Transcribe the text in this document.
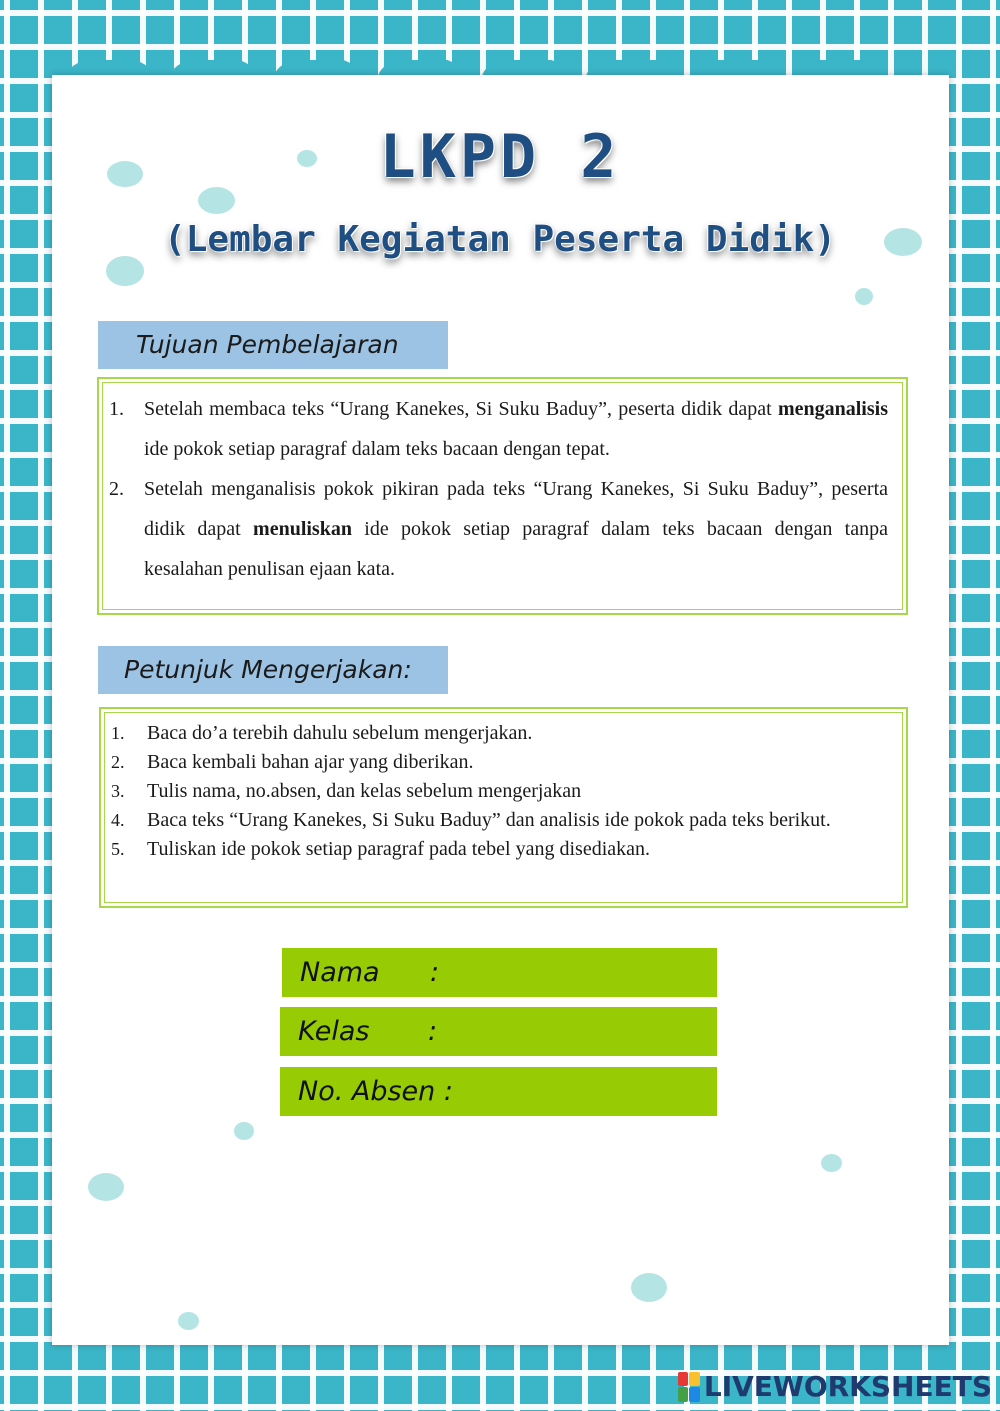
LKPD 2
(Lembar Kegiatan Peserta Didik)
Tujuan Pembelajaran
1.	Setelah membaca teks “Urang Kanekes, Si Suku Baduy”, peserta didik dapat menganalisis ide pokok setiap paragraf dalam teks bacaan dengan tepat.
2.	Setelah menganalisis pokok pikiran pada teks “Urang Kanekes, Si Suku Baduy”, peserta didik dapat menuliskan ide pokok setiap paragraf dalam teks bacaan dengan tanpa kesalahan penulisan ejaan kata.
Petunjuk Mengerjakan:
1.	Baca do’a terebih dahulu sebelum mengerjakan.
2.	Baca kembali bahan ajar yang diberikan.
3.	Tulis nama, no.absen, dan kelas sebelum mengerjakan
4.	Baca teks “Urang Kanekes, Si Suku Baduy” dan analisis ide pokok pada teks berikut.
5.	Tuliskan ide pokok setiap paragraf pada tebel yang disediakan.
Nama :
Kelas :
No. Absen :
LIVEWORKSHEETS
